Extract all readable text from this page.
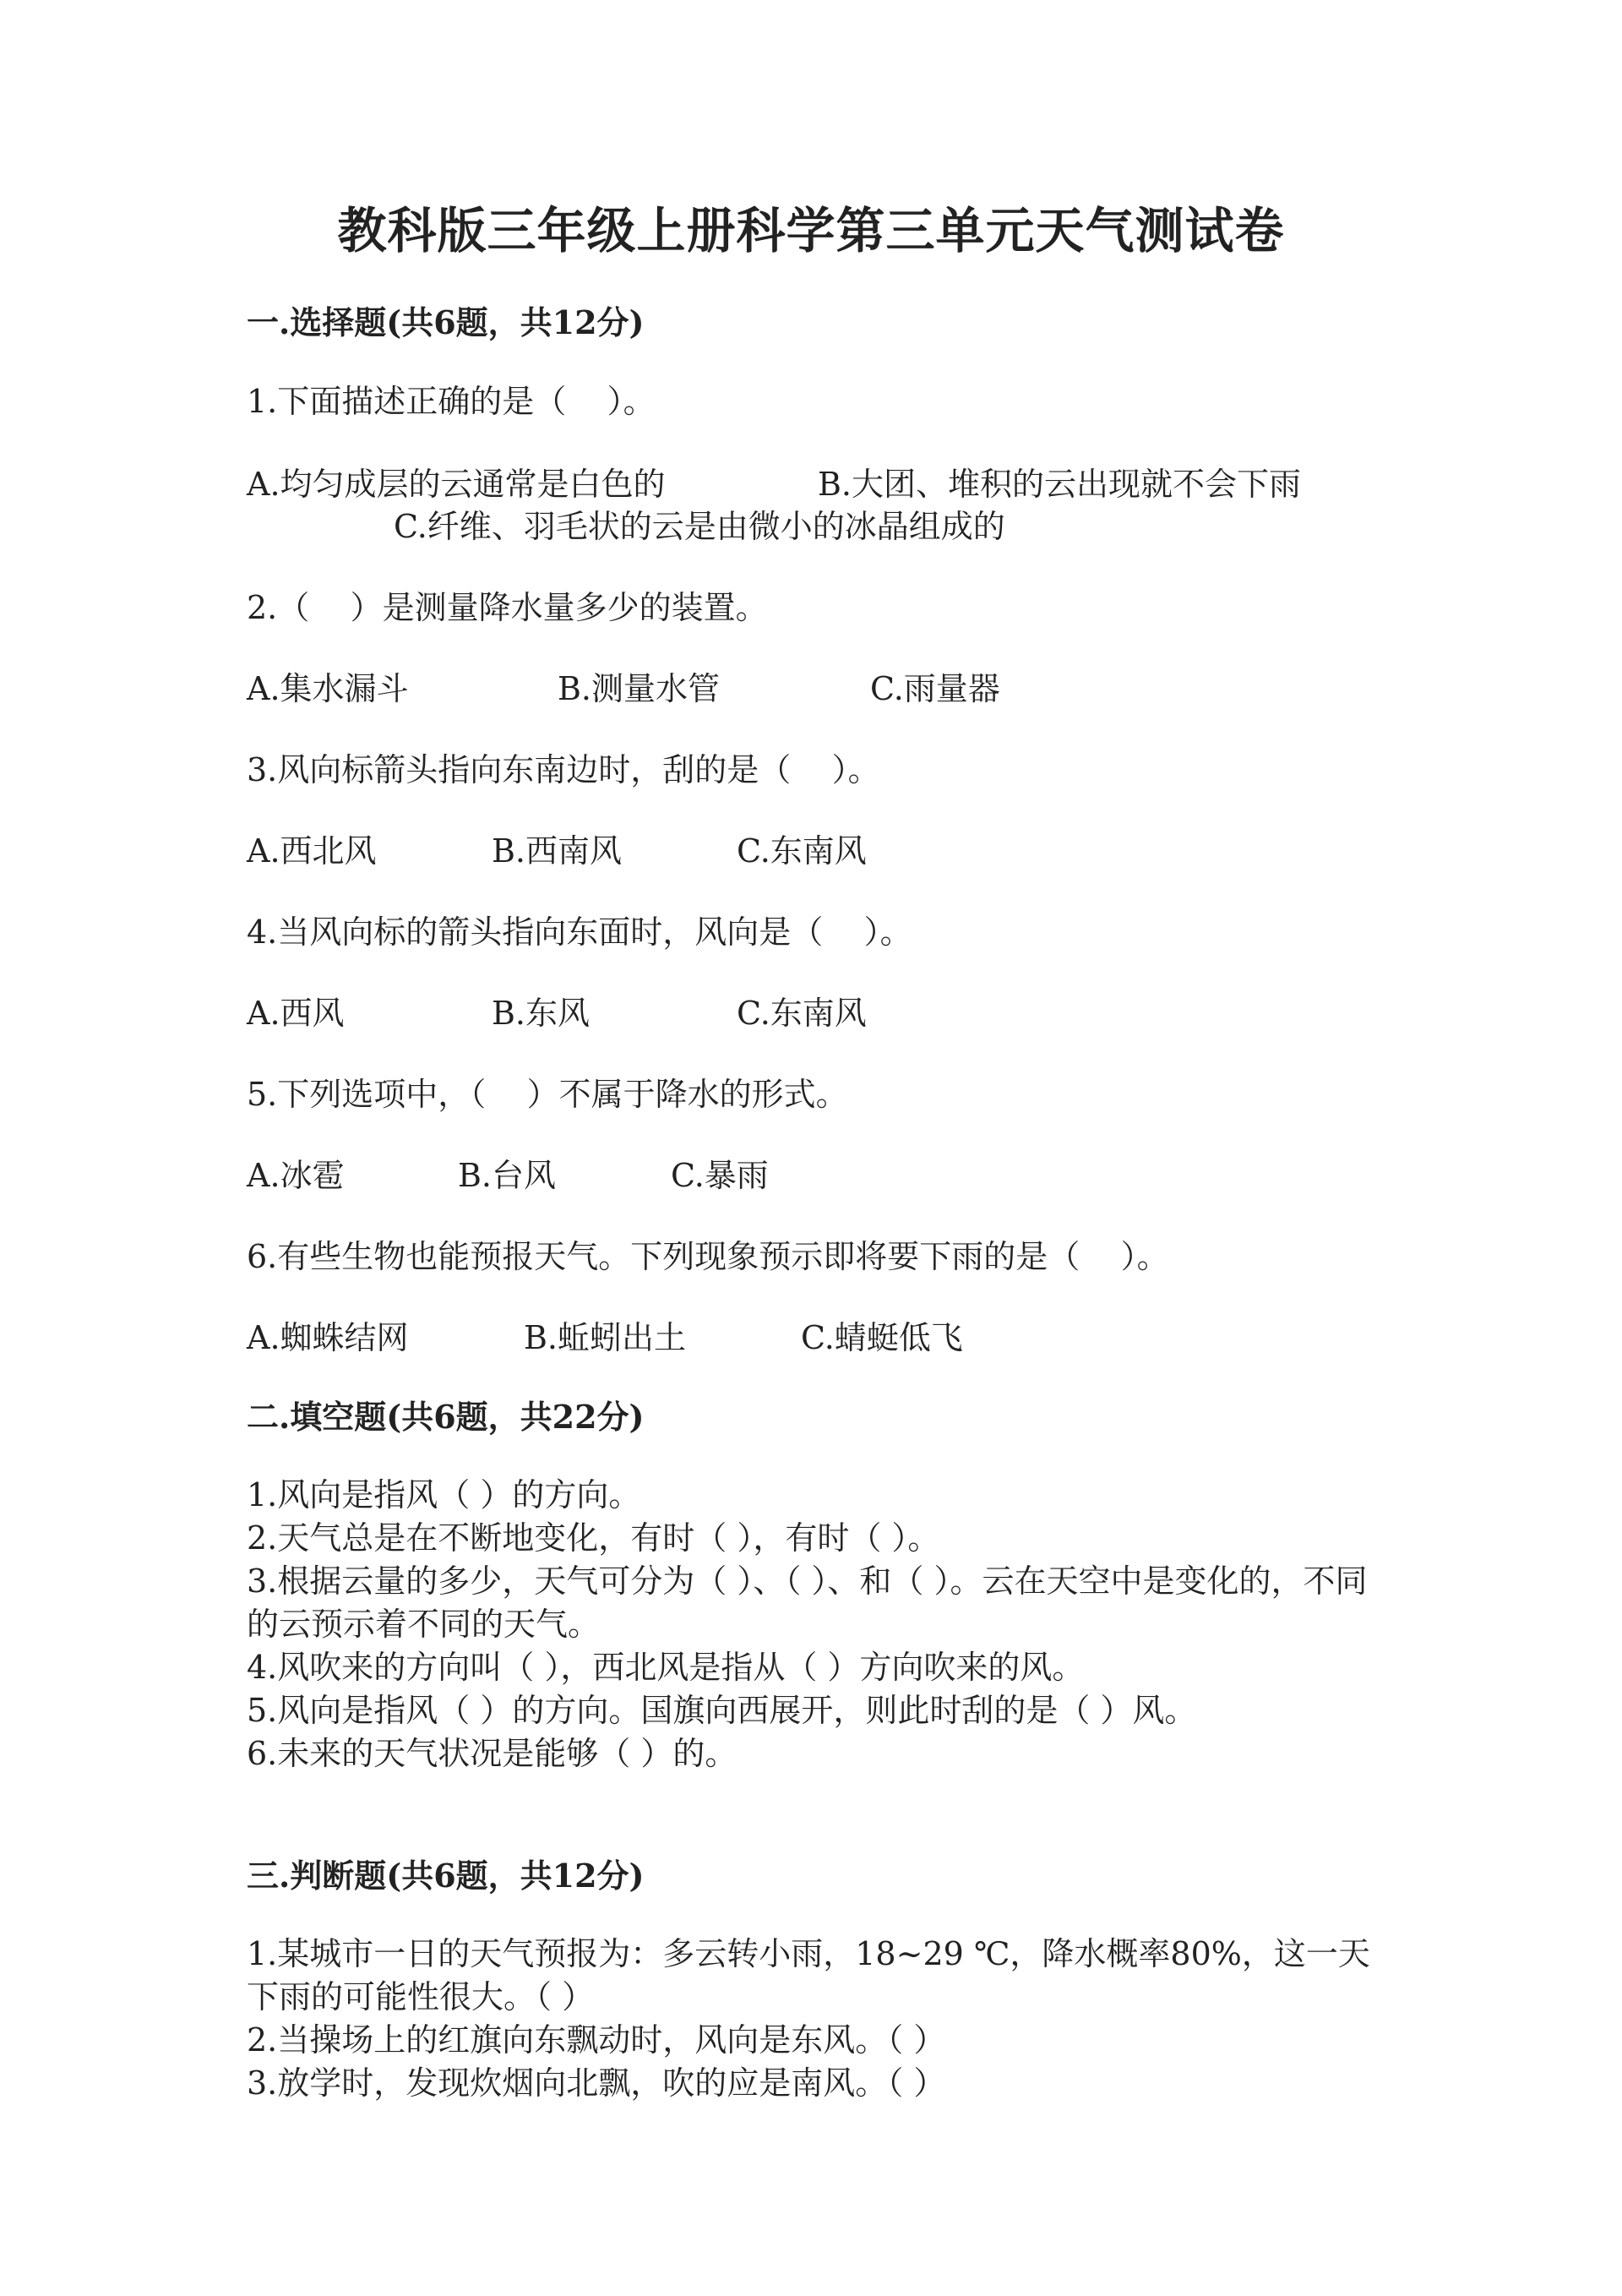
教科版三年级上册科学第三单元天气测试卷
一.选择题(共6题，共12分)
1.下面描述正确的是（    ）。
A.均匀成层的云通常是白色的	B.大团、堆积的云出现就不会下雨
C.纤维、羽毛状的云是由微小的冰晶组成的
2.（    ）是测量降水量多少的装置。
A.集水漏斗	B.测量水管	C.雨量器
3.风向标箭头指向东南边时，刮的是（    ）。
A.西北风	B.西南风	C.东南风
4.当风向标的箭头指向东面时，风向是（    ）。
A.西风	B.东风	C.东南风
5.下列选项中，（    ）不属于降水的形式。
A.冰雹	B.台风	C.暴雨
6.有些生物也能预报天气。下列现象预示即将要下雨的是（    ）。
A.蜘蛛结网	B.蚯蚓出土	C.蜻蜓低飞
二.填空题(共6题，共22分)
1.风向是指风（ ）的方向。
2.天气总是在不断地变化，有时（ ），有时（ ）。
3.根据云量的多少，天气可分为（ ）、（ ）、和（ ）。云在天空中是变化的，不同的云预示着不同的天气。
4.风吹来的方向叫（ ），西北风是指从（ ）方向吹来的风。
5.风向是指风（ ）的方向。国旗向西展开，则此时刮的是（ ）风。
6.未来的天气状况是能够（ ）的。
三.判断题(共6题，共12分)
1.某城市一日的天气预报为：多云转小雨，18~29 ℃，降水概率80%，这一天下雨的可能性很大。（ ）
2.当操场上的红旗向东飘动时，风向是东风。（ ）
3.放学时，发现炊烟向北飘，吹的应是南风。（ ）
